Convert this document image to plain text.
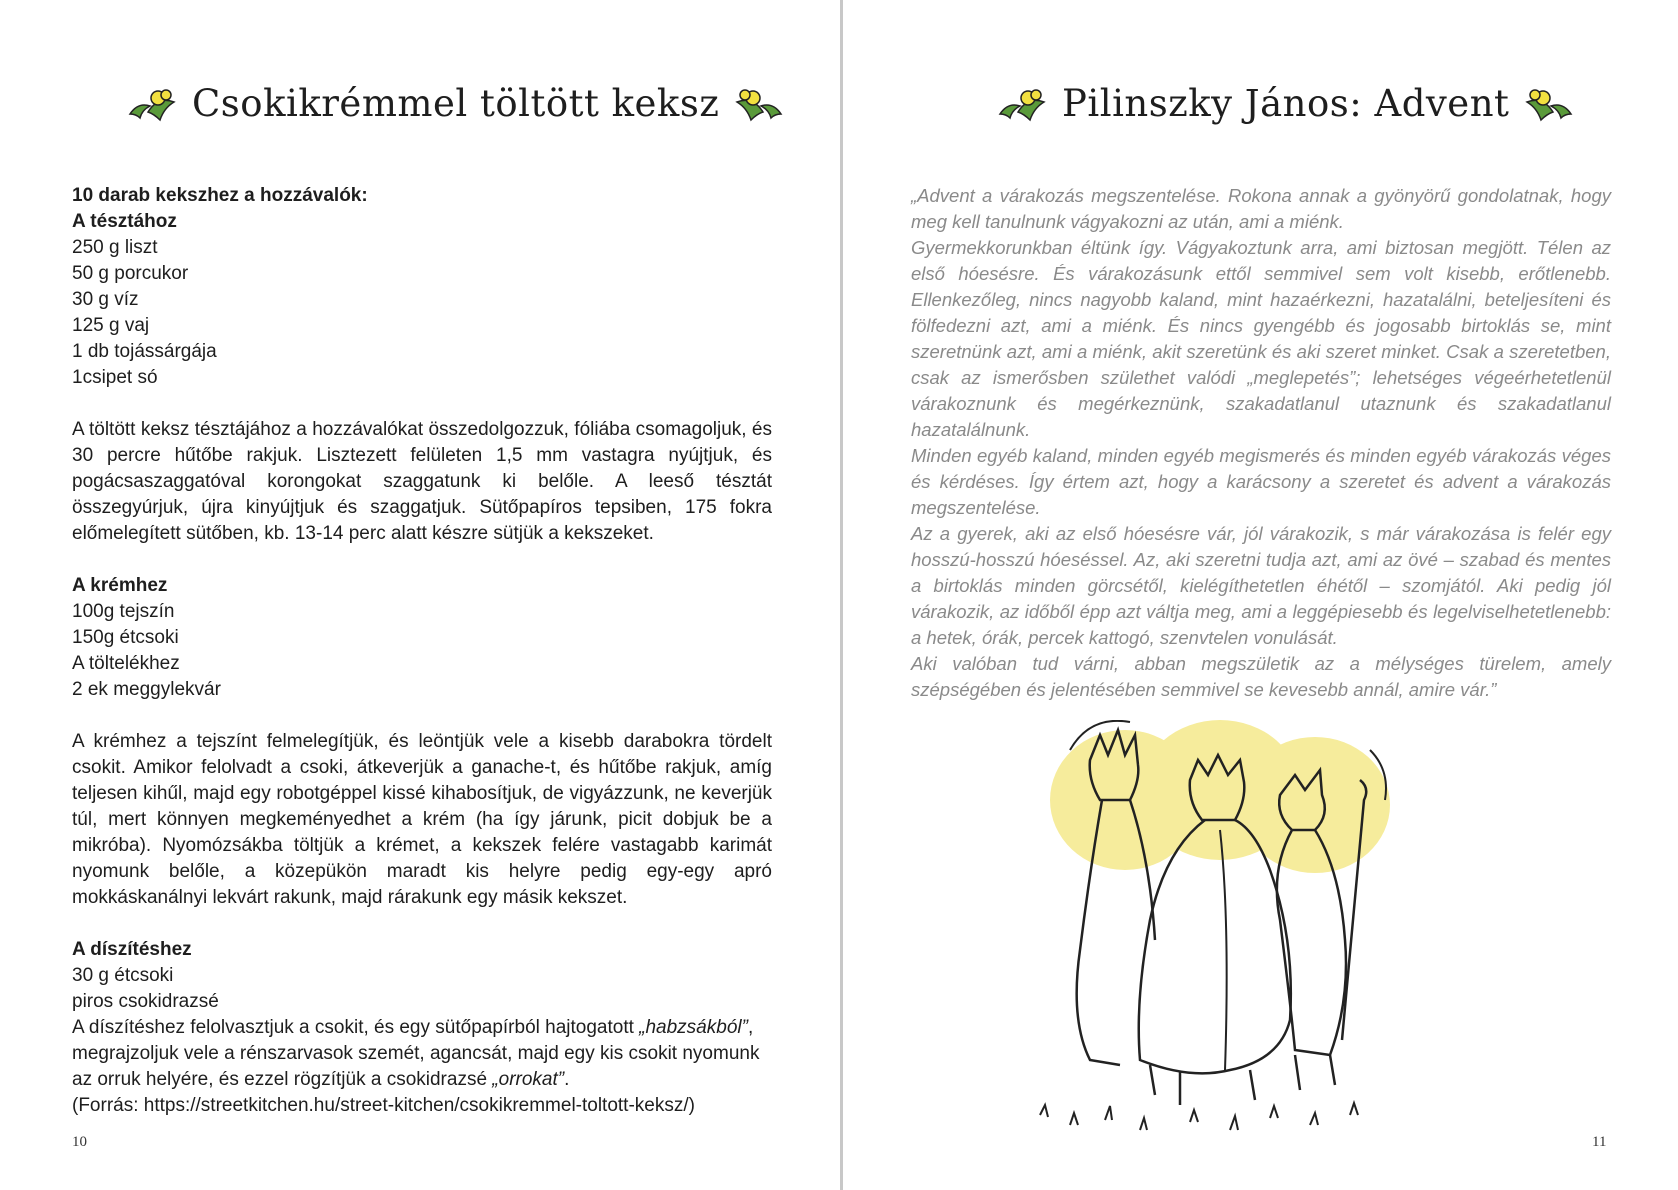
Csokikrémmel töltött keksz

10 darab kekszhez a hozzávalók:

A tésztához

250 g liszt

50 g porcukor

30 g víz

125 g vaj

1 db tojássárgája

1csipet só

A töltött keksz tésztájához a hozzávalókat összedolgozzuk, fóliába csomagoljuk, és 30 percre hűtőbe rakjuk. Lisztezett felületen 1,5 mm vastagra nyújtjuk, és pogácsaszaggatóval korongokat szaggatunk ki belőle. A leeső tésztát összegyúrjuk, újra kinyújtjuk és szaggatjuk. Sütőpapíros tepsiben, 175 fokra előmelegített sütőben, kb. 13-14 perc alatt készre sütjük a kekszeket.

A krémhez

100g tejszín

150g étcsoki

A töltelékhez

2 ek meggylekvár

A krémhez a tejszínt felmelegítjük, és leöntjük vele a kisebb darabokra tördelt csokit. Amikor felolvadt a csoki, átkeverjük a ganache-t, és hűtőbe rakjuk, amíg teljesen kihűl, majd egy robotgéppel kissé kihabosítjuk, de vigyázzunk, ne keverjük túl, mert könnyen megkeményedhet a krém (ha így járunk, picit dobjuk be a mikróba). Nyomózsákba töltjük a krémet, a kekszek felére vastagabb karimát nyomunk belőle, a közepükön maradt kis helyre pedig egy-egy apró mokkáskanálnyi lekvárt rakunk, majd rárakunk egy másik kekszet.

A díszítéshez

30 g étcsoki

piros csokidrazsé

A díszítéshez felolvasztjuk a csokit, és egy sütőpapírból hajtogatott „habzsákból”, megrajzoljuk vele a rénszarvasok szemét, agancsát, majd egy kis csokit nyomunk az orruk helyére, és ezzel rögzítjük a csokidrazsé „orrokat”.

(Forrás: https://streetkitchen.hu/street-kitchen/csokikremmel-toltott-keksz/)

10
Pilinszky János: Advent

„Advent a várakozás megszentelése. Rokona annak a gyönyörű gondolatnak, hogy meg kell tanulnunk vágyakozni az után, ami a miénk.

Gyermekkorunkban éltünk így. Vágyakoztunk arra, ami biztosan megjött. Télen az első hóesésre. És várakozásunk ettől semmivel sem volt kisebb, erőtlenebb. Ellenkezőleg, nincs nagyobb kaland, mint hazaérkezni, hazatalálni, beteljesíteni és fölfedezni azt, ami a miénk. És nincs gyengébb és jogosabb birtoklás se, mint szeretnünk azt, ami a miénk, akit szeretünk és aki szeret minket. Csak a szeretetben, csak az ismerősben születhet valódi „meglepetés”; lehetséges végeérhetetlenül várakoznunk és megérkeznünk, szakadatlanul utaznunk és szakadatlanul hazatalálnunk.

Minden egyéb kaland, minden egyéb megismerés és minden egyéb várakozás véges és kérdéses. Így értem azt, hogy a karácsony a szeretet és advent a várakozás megszentelése.

Az a gyerek, aki az első hóesésre vár, jól várakozik, s már várakozása is felér egy hosszú-hosszú hóeséssel. Az, aki szeretni tudja azt, ami az övé – szabad és mentes a birtoklás minden görcsétől, kielégíthetetlen éhétől – szomjától. Aki pedig jól várakozik, az időből épp azt váltja meg, ami a leggépiesebb és legelviselhetetlenebb: a hetek, órák, percek kattogó, szenvtelen vonulását.

Aki valóban tud várni, abban megszületik az a mélységes türelem, amely szépségében és jelentésében semmivel se kevesebb annál, amire vár.”

11
